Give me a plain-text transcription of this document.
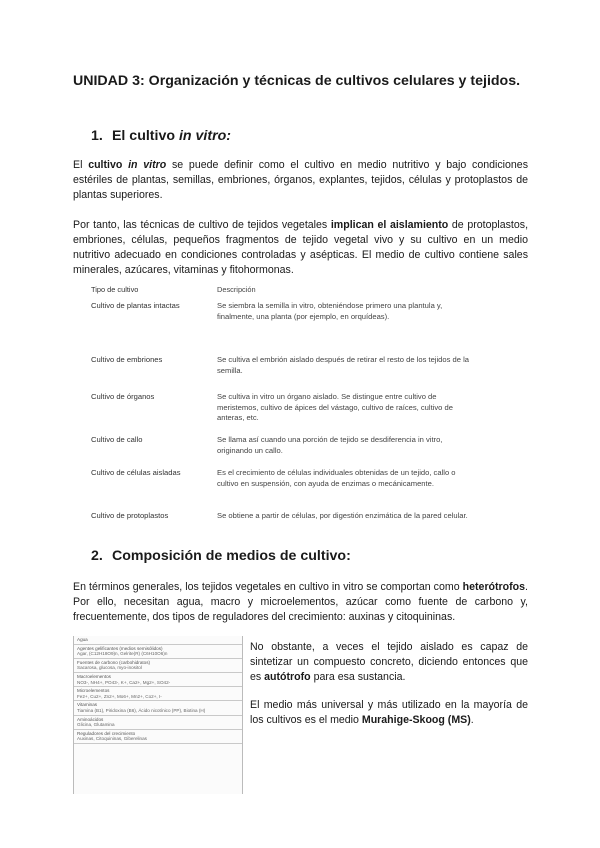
UNIDAD 3: Organización y técnicas de cultivos celulares y tejidos.
1. El cultivo in vitro:
El cultivo in vitro se puede definir como el cultivo en medio nutritivo y bajo condiciones estériles de plantas, semillas, embriones, órganos, explantes, tejidos, células y protoplastos de plantas superiores.
Por tanto, las técnicas de cultivo de tejidos vegetales implican el aislamiento de protoplastos, embriones, células, pequeños fragmentos de tejido vegetal vivo y su cultivo en un medio nutritivo adecuado en condiciones controladas y asépticas. El medio de cultivo contiene sales minerales, azúcares, vitaminas y fitohormonas.
Tipo de cultivo	Descripción
Cultivo de plantas intactas	Se siembra la semilla in vitro, obteniéndose primero una plantula y, finalmente, una planta (por ejemplo, en orquídeas).
Cultivo de embriones	Se cultiva el embrión aislado después de retirar el resto de los tejidos de la semilla.
Cultivo de órganos	Se cultiva in vitro un órgano aislado. Se distingue entre cultivo de meristemos, cultivo de ápices del vástago, cultivo de raíces, cultivo de anteras, etc.
Cultivo de callo	Se llama así cuando una porción de tejido se desdiferencia in vitro, originando un callo.
Cultivo de células aisladas	Es el crecimiento de células individuales obtenidas de un tejido, callo o cultivo en suspensión, con ayuda de enzimas o mecánicamente.
Cultivo de protoplastos	Se obtiene a partir de células, por digestión enzimática de la pared celular.
2. Composición de medios de cultivo:
En términos generales, los tejidos vegetales en cultivo in vitro se comportan como heterótrofos. Por ello, necesitan agua, macro y microelementos, azúcar como fuente de carbono y, frecuentemente, dos tipos de reguladores del crecimiento: auxinas y citoquininas.
Agua
Agentes gelificantes (medios semisólidos)
Agar, (C12H18O9)n, Gelrite(R) (C6H10O6)n
Fuentes de carbono (carbohidratos)
Sacarosa, glucosa, myo-inositol
Macroelementos
NO3-, NH4+, PO43-, K+, Ca2+, Mg2+, SO42-
Microelementos
Fe2+, Cu2+, Zn2+, Mo6+, Mn2+, Co2+, I-
Vitaminas
Tiamina (B1), Piridoxina (B6), Ácido nicotínico (PP), Biotina (H)
Aminoácidos
Glicina, Glutamina
Reguladores del crecimiento
Auxinas, Citoquininas, Giberelinas
No obstante, a veces el tejido aislado es capaz de sintetizar un compuesto concreto, diciendo entonces que es autótrofo para esa sustancia.
El medio más universal y más utilizado en la mayoría de los cultivos es el medio Murahige-Skoog (MS).
